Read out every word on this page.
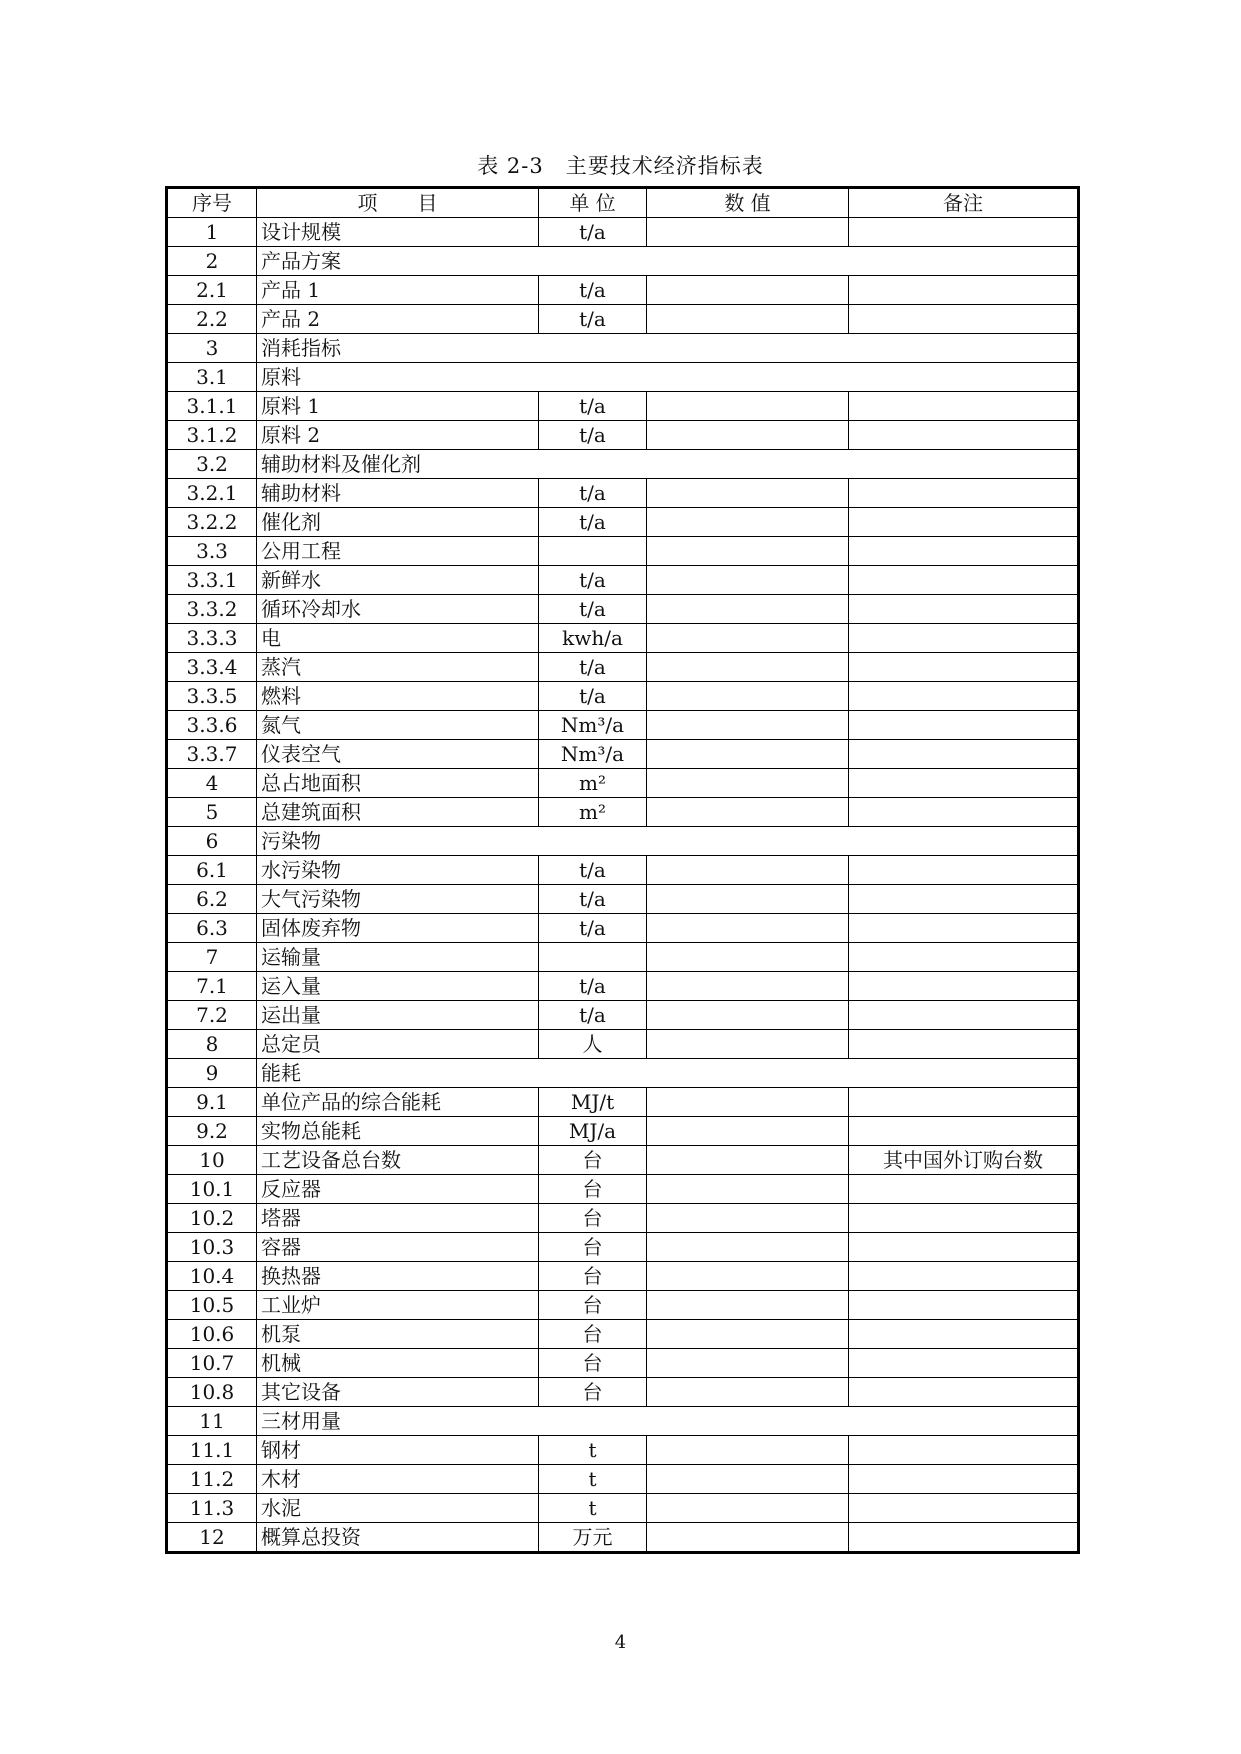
表 2-3 主要技术经济指标表
序号	项　　目	单 位	数 值	备注
1	设计规模	t/a		
2	产品方案			
2.1	产品 1	t/a		
2.2	产品 2	t/a		
3	消耗指标			
3.1	原料			
3.1.1	原料 1	t/a		
3.1.2	原料 2	t/a		
3.2	辅助材料及催化剂			
3.2.1	辅助材料	t/a		
3.2.2	催化剂	t/a		
3.3	公用工程			
3.3.1	新鲜水	t/a		
3.3.2	循环冷却水	t/a		
3.3.3	电	kwh/a		
3.3.4	蒸汽	t/a		
3.3.5	燃料	t/a		
3.3.6	氮气	Nm³/a		
3.3.7	仪表空气	Nm³/a		
4	总占地面积	m²		
5	总建筑面积	m²		
6	污染物			
6.1	水污染物	t/a		
6.2	大气污染物	t/a		
6.3	固体废弃物	t/a		
7	运输量			
7.1	运入量	t/a		
7.2	运出量	t/a		
8	总定员	人		
9	能耗			
9.1	单位产品的综合能耗	MJ/t		
9.2	实物总能耗	MJ/a		
10	工艺设备总台数	台		其中国外订购台数
10.1	反应器	台		
10.2	塔器	台		
10.3	容器	台		
10.4	换热器	台		
10.5	工业炉	台		
10.6	机泵	台		
10.7	机械	台		
10.8	其它设备	台		
11	三材用量			
11.1	钢材	t		
11.2	木材	t		
11.3	水泥	t		
12	概算总投资	万元		
4
